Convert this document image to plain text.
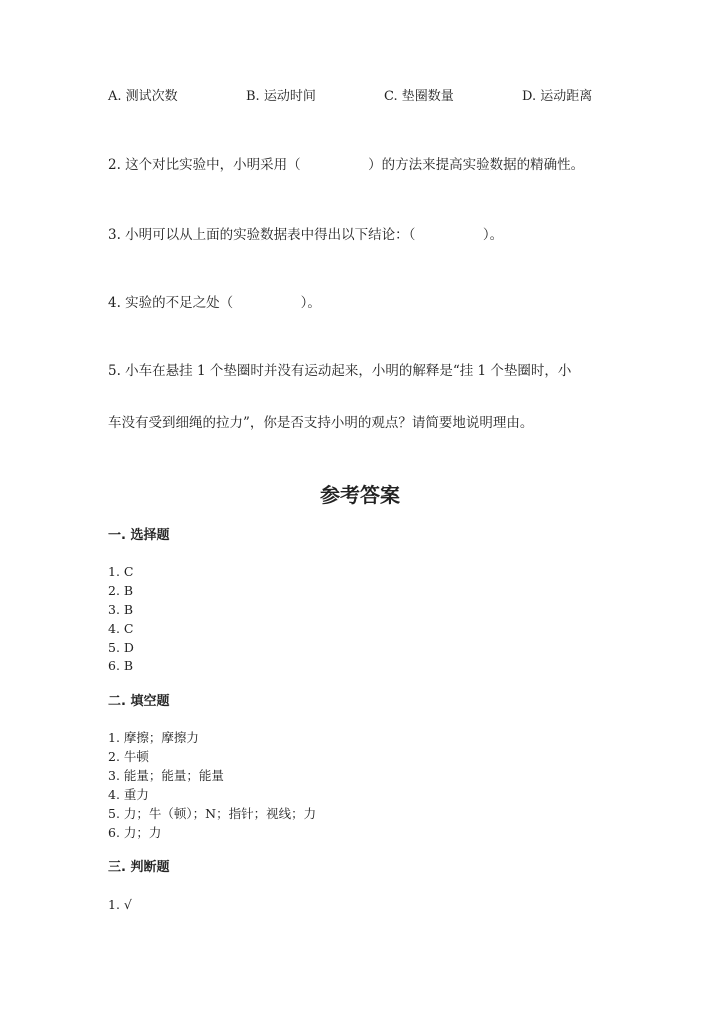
A. 测试次数	B. 运动时间	C. 垫圈数量	D. 运动距离
2. 这个对比实验中，小明采用（　　　　　）的方法来提高实验数据的精确性。
3. 小明可以从上面的实验数据表中得出以下结论：（　　　　　）。
4. 实验的不足之处（　　　　　）。
5. 小车在悬挂 1 个垫圈时并没有运动起来，小明的解释是“挂 1 个垫圈时，小
车没有受到细绳的拉力”，你是否支持小明的观点？请简要地说明理由。
参考答案
一. 选择题
1. C
2. B
3. B
4. C
5. D
6. B
二. 填空题
1. 摩擦；摩擦力
2. 牛顿
3. 能量；能量；能量
4. 重力
5. 力；牛（顿）；N；指针；视线；力
6. 力；力
三. 判断题
1. √
